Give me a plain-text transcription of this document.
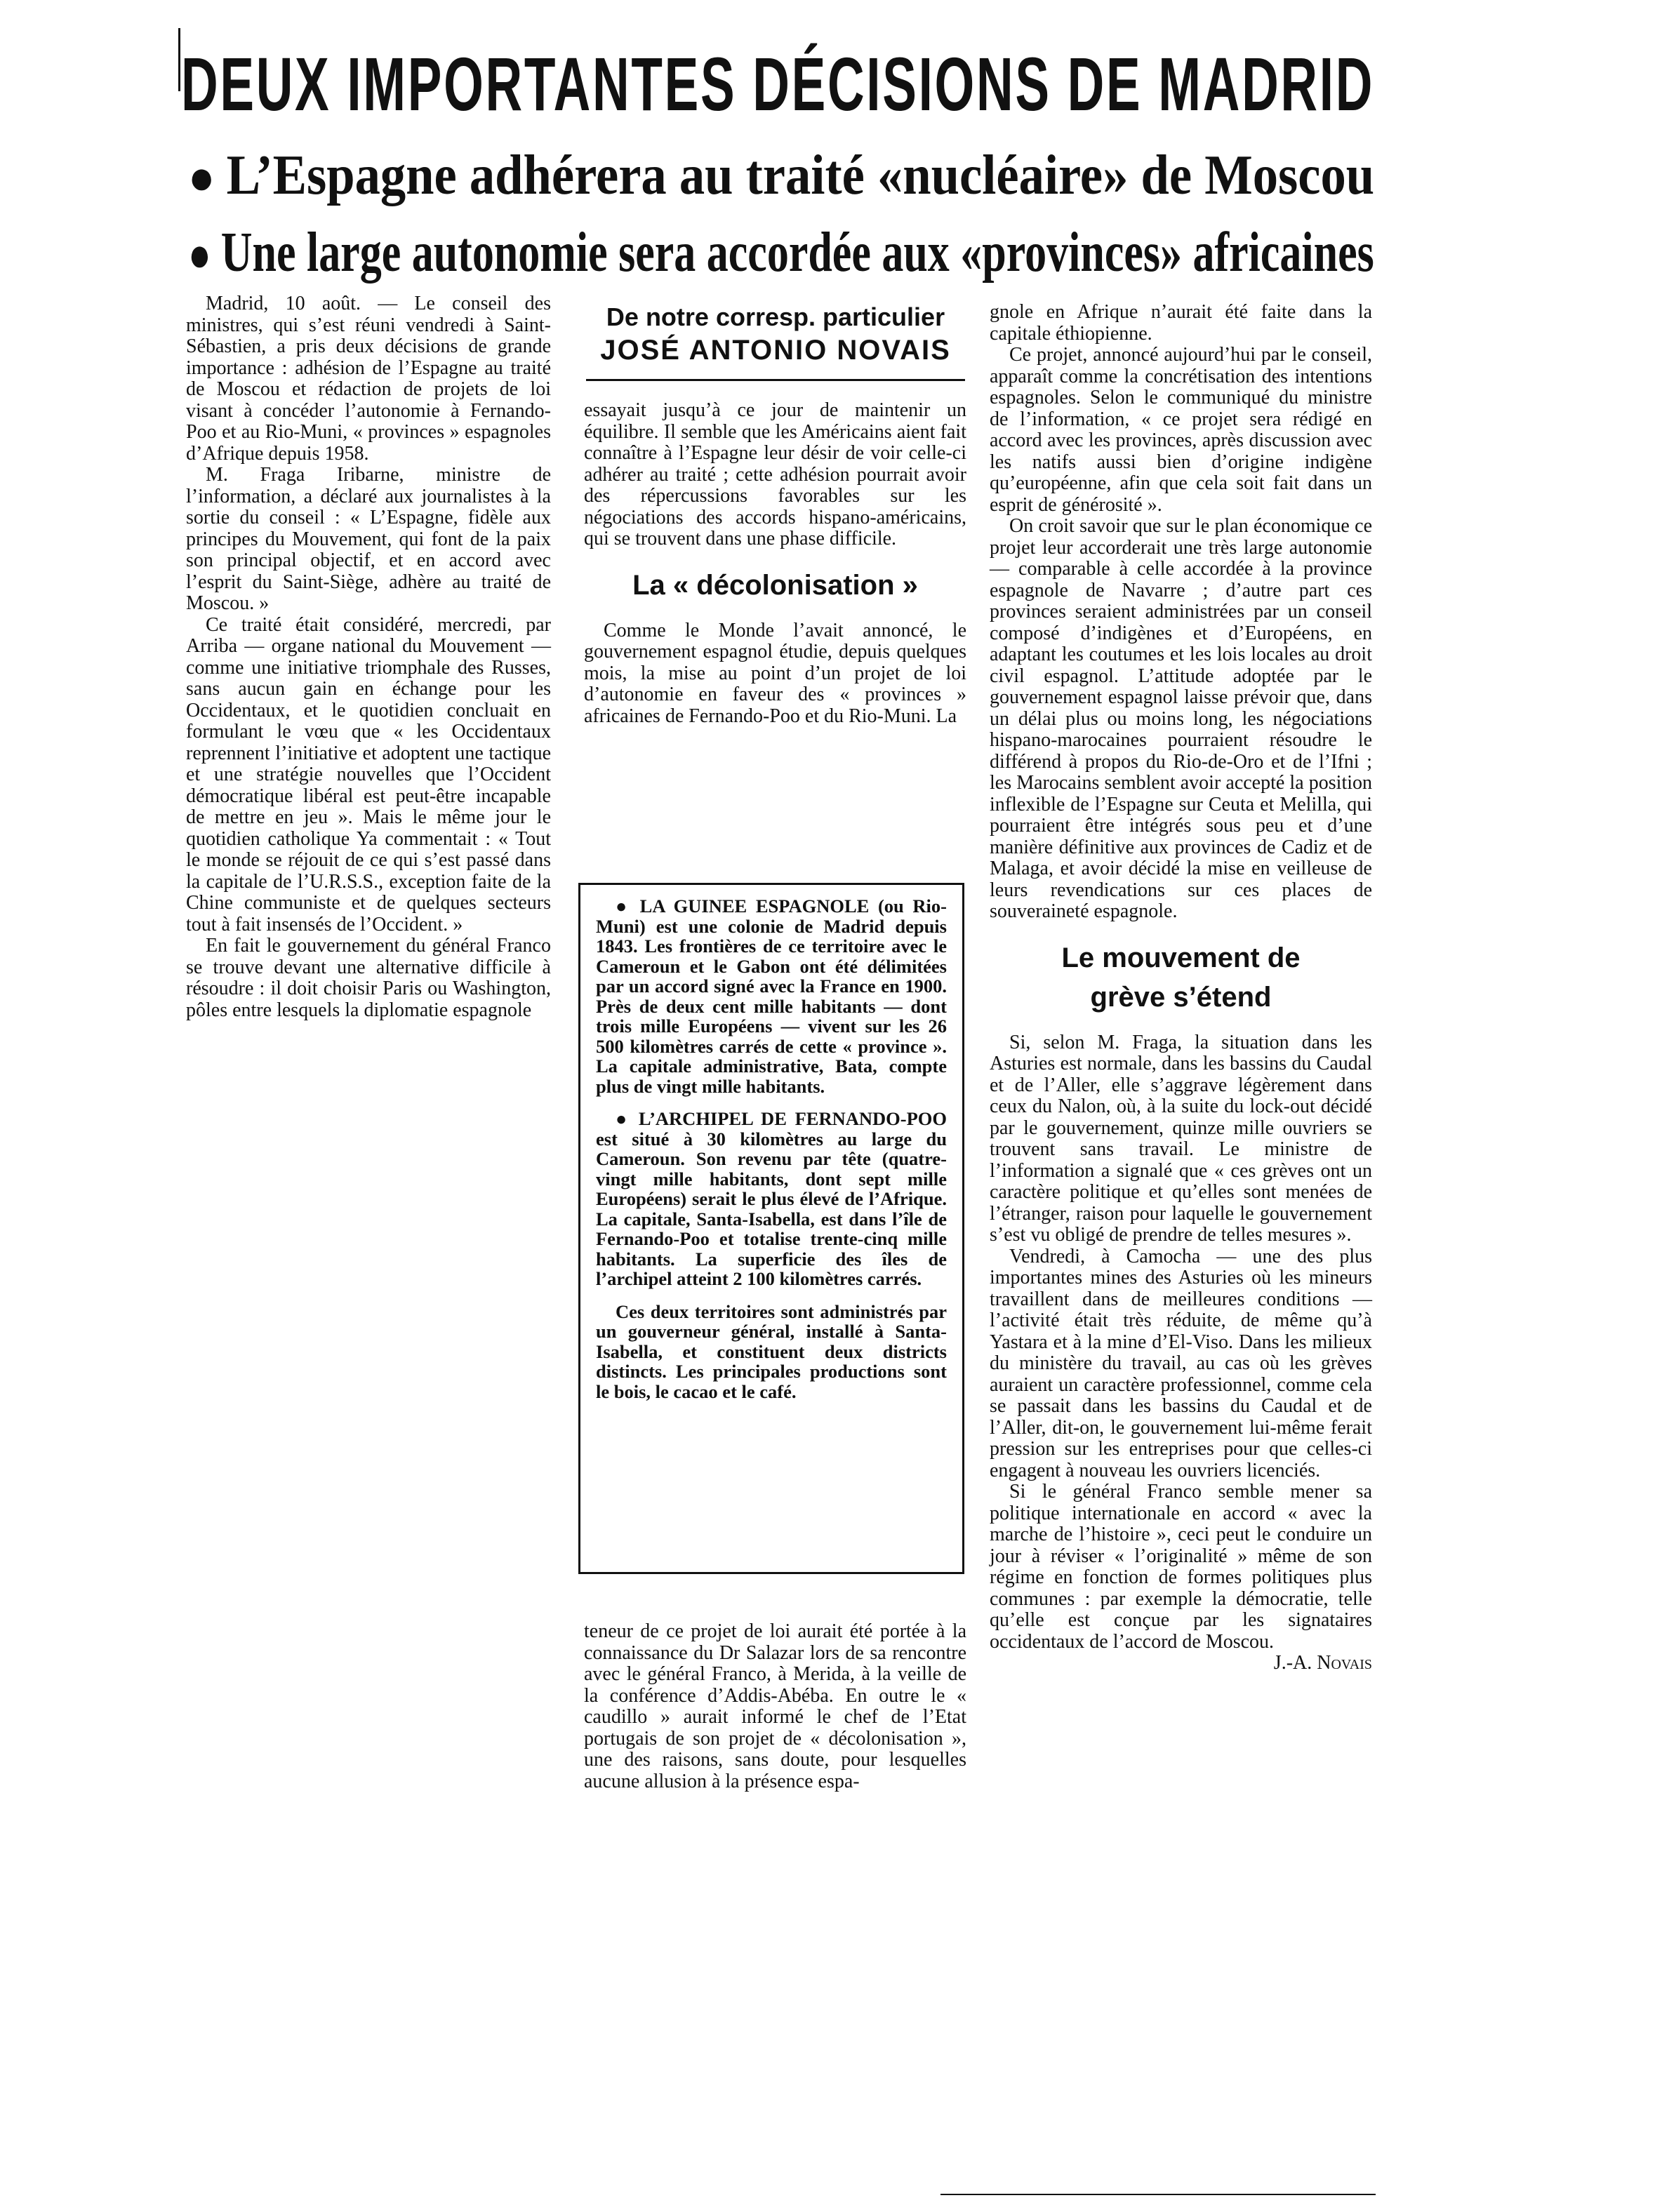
DEUX IMPORTANTES DÉCISIONS DE MADRID
● L’Espagne adhérera au traité «nucléaire» de Moscou
● Une large autonomie sera accordée aux «provinces» africaines

Madrid, 10 août. — Le conseil des ministres, qui s’est réuni vendredi à Saint-Sébastien, a pris deux décisions de grande importance : adhésion de l’Espagne au traité de Moscou et rédaction de projets de loi visant à concéder l’autonomie à Fernando-Poo et au Rio-Muni, « provinces » espagnoles d’Afrique depuis 1958.

M. Fraga Iribarne, ministre de l’information, a déclaré aux journalistes à la sortie du conseil : « L’Espagne, fidèle aux principes du Mouvement, qui font de la paix son principal objectif, et en accord avec l’esprit du Saint-Siège, adhère au traité de Moscou. »

Ce traité était considéré, mercredi, par Arriba — organe national du Mouvement — comme une initiative triomphale des Russes, sans aucun gain en échange pour les Occidentaux, et le quotidien concluait en formulant le vœu que « les Occidentaux reprennent l’initiative et adoptent une tactique et une stratégie nouvelles que l’Occident démocratique libéral est peut-être incapable de mettre en jeu ». Mais le même jour le quotidien catholique Ya commentait : « Tout le monde se réjouit de ce qui s’est passé dans la capitale de l’U.R.S.S., exception faite de la Chine communiste et de quelques secteurs tout à fait insensés de l’Occident. »

En fait le gouvernement du général Franco se trouve devant une alternative difficile à résoudre : il doit choisir Paris ou Washington, pôles entre lesquels la diplomatie espagnole

De notre corresp. particulier
JOSÉ ANTONIO NOVAIS

essayait jusqu’à ce jour de maintenir un équilibre. Il semble que les Américains aient fait connaître à l’Espagne leur désir de voir celle-ci adhérer au traité ; cette adhésion pourrait avoir des répercussions favorables sur les négociations des accords hispano-américains, qui se trouvent dans une phase difficile.

La « décolonisation »

Comme le Monde l’avait annoncé, le gouvernement espagnol étudie, depuis quelques mois, la mise au point d’un projet de loi d’autonomie en faveur des « provinces » africaines de Fernando-Poo et du Rio-Muni. La

● LA GUINEE ESPAGNOLE (ou Rio-Muni) est une colonie de Madrid depuis 1843. Les frontières de ce territoire avec le Cameroun et le Gabon ont été délimitées par un accord signé avec la France en 1900. Près de deux cent mille habitants — dont trois mille Européens — vivent sur les 26 500 kilomètres carrés de cette « province ». La capitale administrative, Bata, compte plus de vingt mille habitants.

● L’ARCHIPEL DE FERNANDO-POO est situé à 30 kilomètres au large du Cameroun. Son revenu par tête (quatre-vingt mille habitants, dont sept mille Européens) serait le plus élevé de l’Afrique. La capitale, Santa-Isabella, est dans l’île de Fernando-Poo et totalise trente-cinq mille habitants. La superficie des îles de l’archipel atteint 2 100 kilomètres carrés.

Ces deux territoires sont administrés par un gouverneur général, installé à Santa-Isabella, et constituent deux districts distincts. Les principales productions sont le bois, le cacao et le café.

teneur de ce projet de loi aurait été portée à la connaissance du Dr Salazar lors de sa rencontre avec le général Franco, à Merida, à la veille de la conférence d’Addis-Abéba. En outre le « caudillo » aurait informé le chef de l’Etat portugais de son projet de « décolonisation », une des raisons, sans doute, pour lesquelles aucune allusion à la présence espa-

gnole en Afrique n’aurait été faite dans la capitale éthiopienne.

Ce projet, annoncé aujourd’hui par le conseil, apparaît comme la concrétisation des intentions espagnoles. Selon le communiqué du ministre de l’information, « ce projet sera rédigé en accord avec les provinces, après discussion avec les natifs aussi bien d’origine indigène qu’européenne, afin que cela soit fait dans un esprit de générosité ».

On croit savoir que sur le plan économique ce projet leur accorderait une très large autonomie — comparable à celle accordée à la province espagnole de Navarre ; d’autre part ces provinces seraient administrées par un conseil composé d’indigènes et d’Européens, en adaptant les coutumes et les lois locales au droit civil espagnol. L’attitude adoptée par le gouvernement espagnol laisse prévoir que, dans un délai plus ou moins long, les négociations hispano-marocaines pourraient résoudre le différend à propos du Rio-de-Oro et de l’Ifni ; les Marocains semblent avoir accepté la position inflexible de l’Espagne sur Ceuta et Melilla, qui pourraient être intégrés sous peu et d’une manière définitive aux provinces de Cadiz et de Malaga, et avoir décidé la mise en veilleuse de leurs revendications sur ces places de souveraineté espagnole.

Le mouvement de grève s’étend

Si, selon M. Fraga, la situation dans les Asturies est normale, dans les bassins du Caudal et de l’Aller, elle s’aggrave légèrement dans ceux du Nalon, où, à la suite du lock-out décidé par le gouvernement, quinze mille ouvriers se trouvent sans travail. Le ministre de l’information a signalé que « ces grèves ont un caractère politique et qu’elles sont menées de l’étranger, raison pour laquelle le gouvernement s’est vu obligé de prendre de telles mesures ».

Vendredi, à Camocha — une des plus importantes mines des Asturies où les mineurs travaillent dans de meilleures conditions — l’activité était très réduite, de même qu’à Yastara et à la mine d’El-Viso. Dans les milieux du ministère du travail, au cas où les grèves auraient un caractère professionnel, comme cela se passait dans les bassins du Caudal et de l’Aller, dit-on, le gouvernement lui-même ferait pression sur les entreprises pour que celles-ci engagent à nouveau les ouvriers licenciés.

Si le général Franco semble mener sa politique internationale en accord « avec la marche de l’histoire », ceci peut le conduire un jour à réviser « l’originalité » même de son régime en fonction de formes politiques plus communes : par exemple la démocratie, telle qu’elle est conçue par les signataires occidentaux de l’accord de Moscou.

J.-A. Novais
